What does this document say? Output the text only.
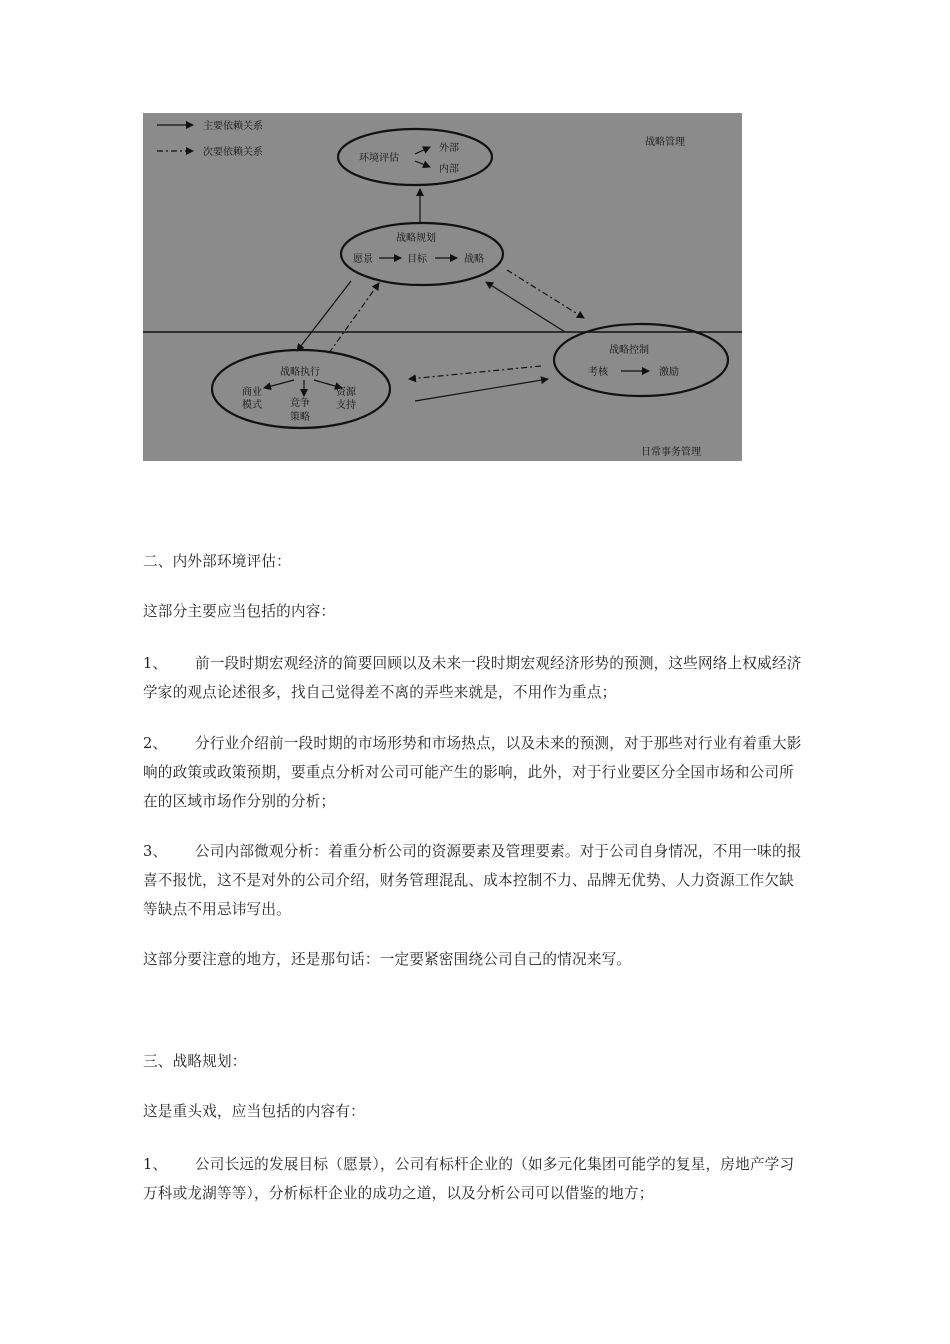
主要依赖关系
次要依赖关系
战略管理
日常事务管理
环境评估
外部
内部
战略规划
愿景	目标	战略
战略执行
商业
模式	竞争
策略
资源
支持
战略控制
考核	激励

二、内外部环境评估：

这部分主要应当包括的内容：

1、 前一段时期宏观经济的简要回顾以及未来一段时期宏观经济形势的预测，这些网络上权威经济学家的观点论述很多，找自己觉得差不离的弄些来就是，不用作为重点；

2、 分行业介绍前一段时期的市场形势和市场热点，以及未来的预测，对于那些对行业有着重大影响的政策或政策预期，要重点分析对公司可能产生的影响，此外，对于行业要区分全国市场和公司所在的区域市场作分别的分析；

3、 公司内部微观分析：着重分析公司的资源要素及管理要素。对于公司自身情况，不用一味的报喜不报忧，这不是对外的公司介绍，财务管理混乱、成本控制不力、品牌无优势、人力资源工作欠缺等缺点不用忌讳写出。

这部分要注意的地方，还是那句话：一定要紧密围绕公司自己的情况来写。

三、战略规划：

这是重头戏，应当包括的内容有：

1、 公司长远的发展目标（愿景），公司有标杆企业的（如多元化集团可能学的复星，房地产学习万科或龙湖等等），分析标杆企业的成功之道，以及分析公司可以借鉴的地方；
